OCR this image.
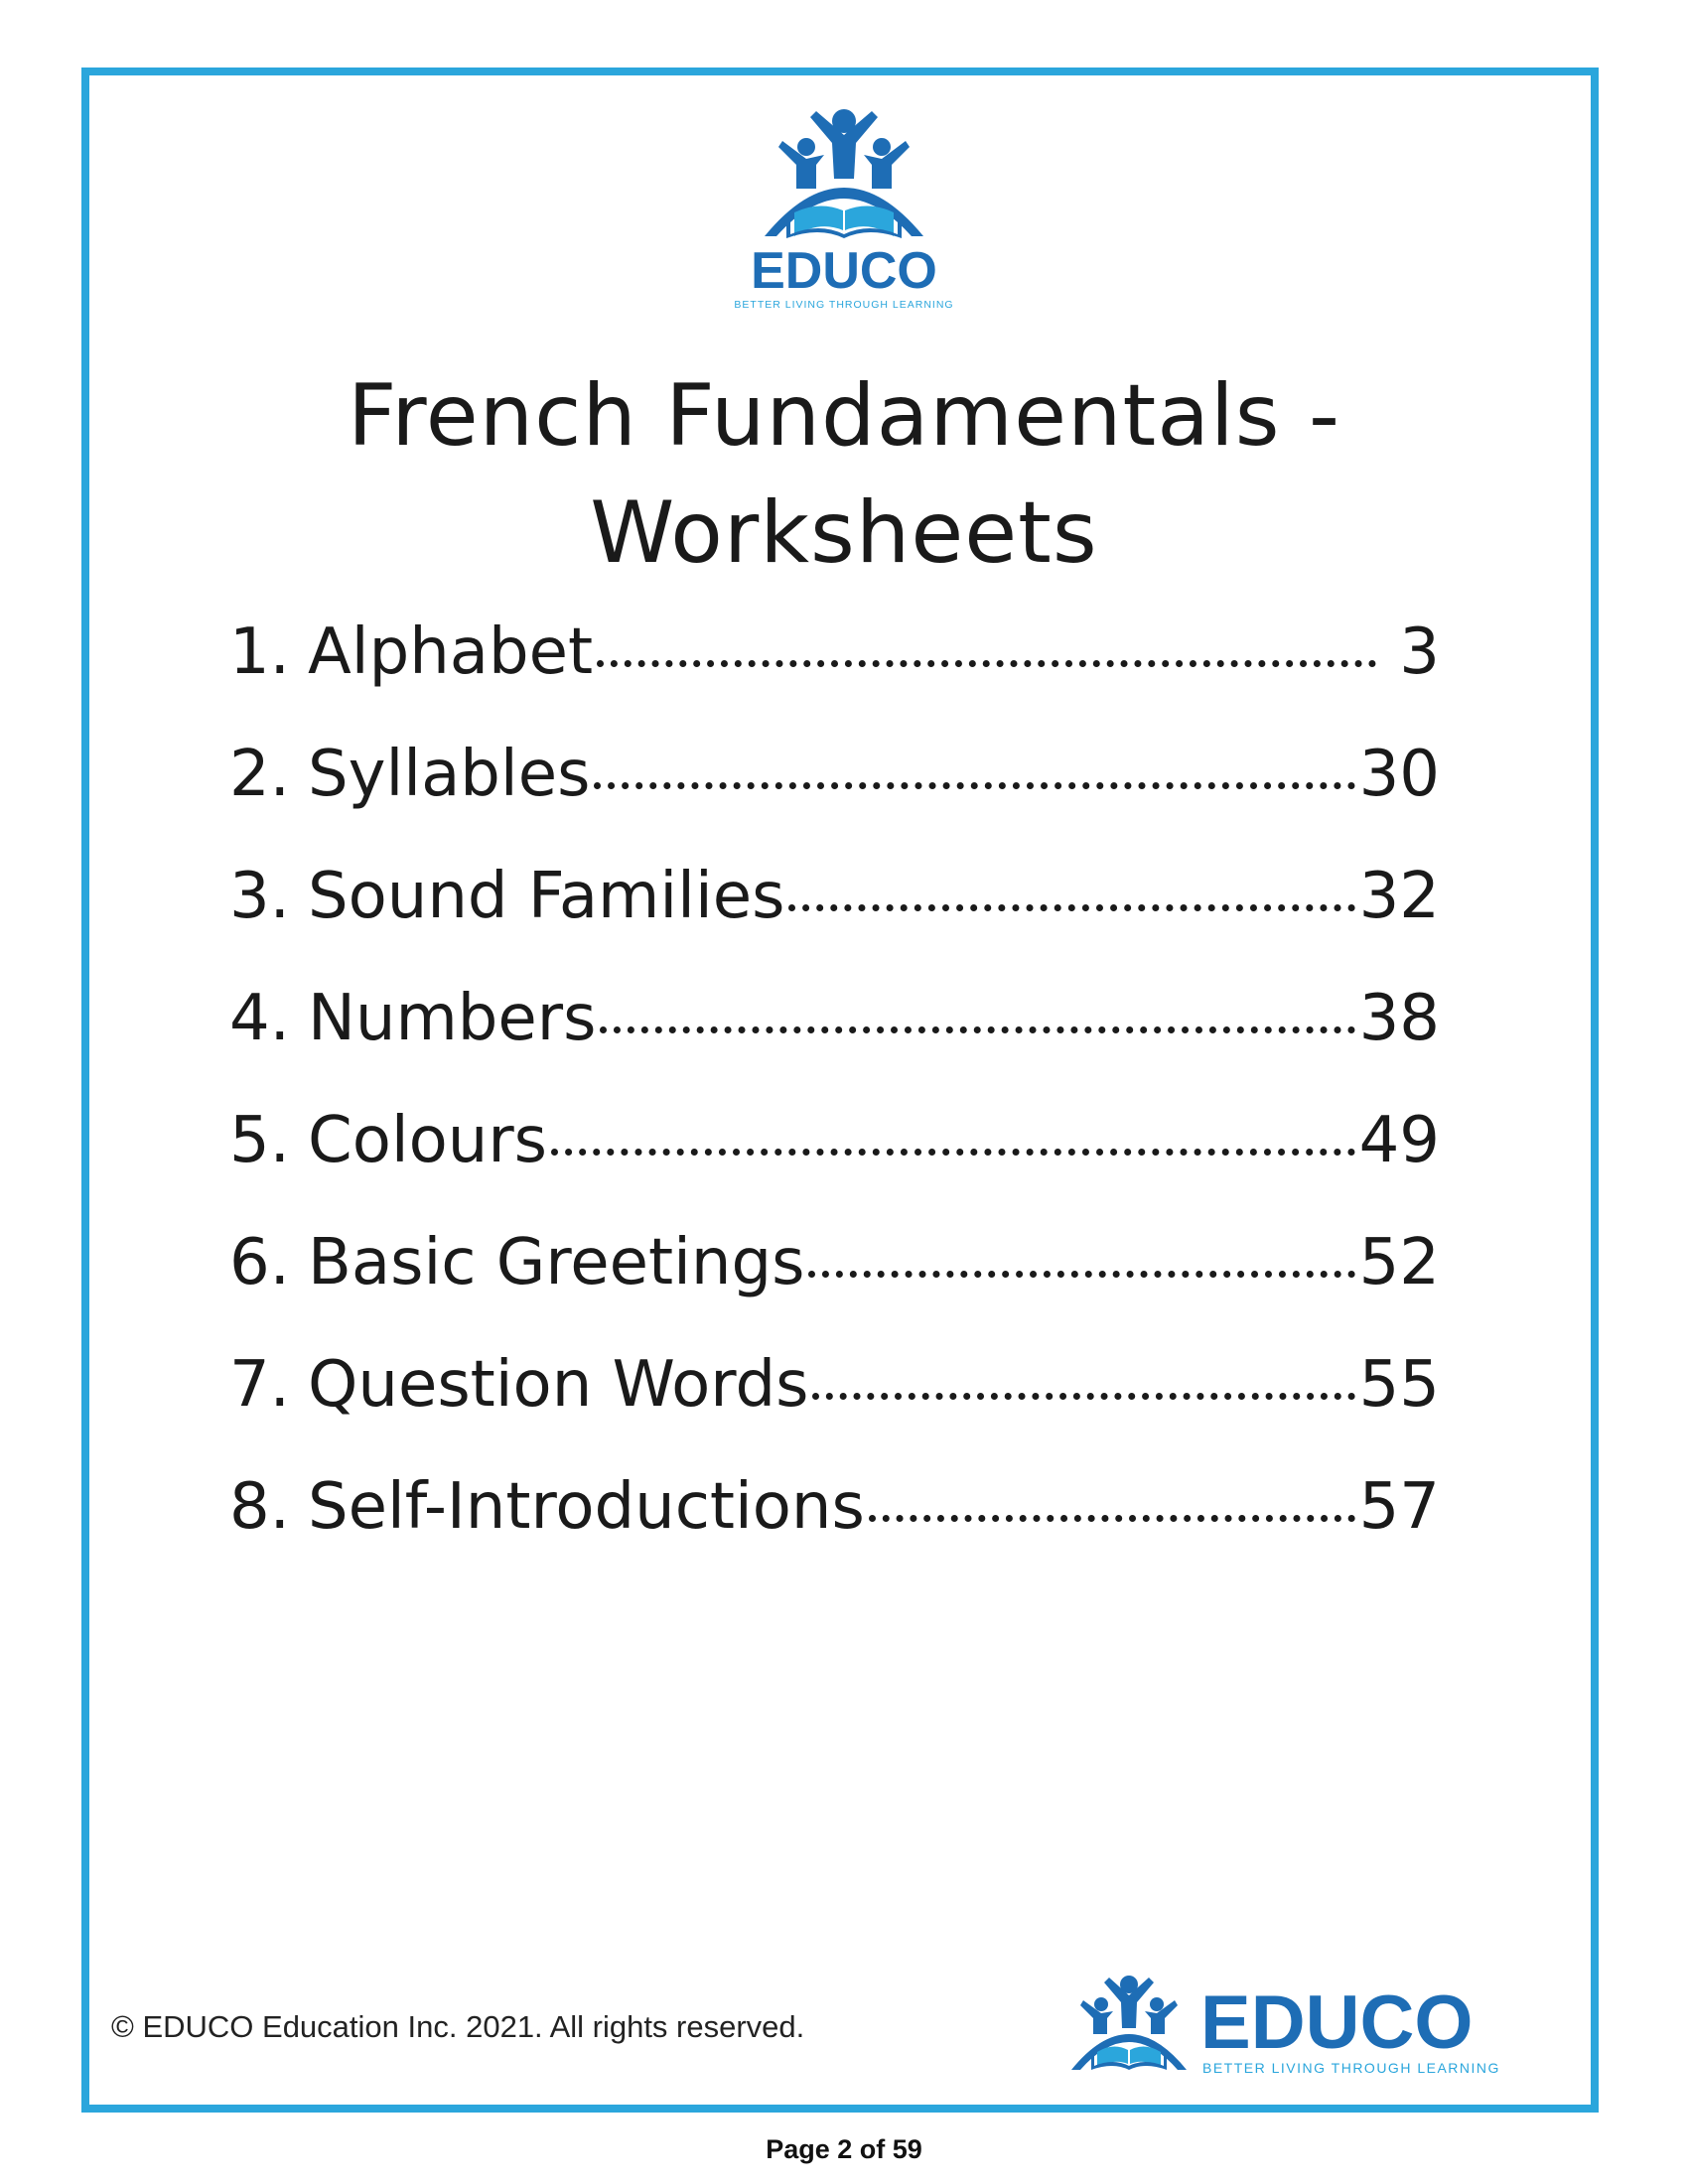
EDUCO
BETTER LIVING THROUGH LEARNING
French Fundamentals -
Worksheets
1. Alphabet	3
2. Syllables	30
3. Sound Families	32
4. Numbers	38
5. Colours	49
6. Basic Greetings	52
7. Question Words	55
8. Self-Introductions	57
© EDUCO Education Inc. 2021. All rights reserved.	EDUCO
BETTER LIVING THROUGH LEARNING
Page 2 of 59
